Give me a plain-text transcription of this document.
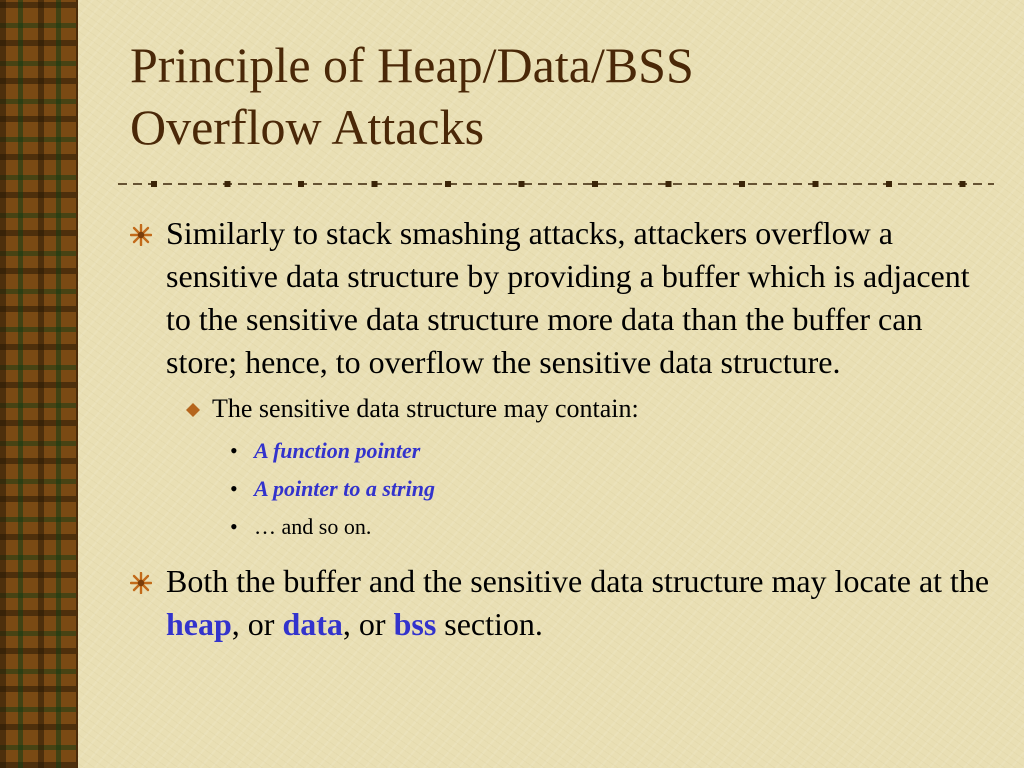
Principle of Heap/Data/BSS
Overflow Attacks
Similarly to stack smashing attacks, attackers overflow a sensitive data structure by providing a buffer which is adjacent to the sensitive data structure more data than the buffer can store; hence, to overflow the sensitive data structure.
The sensitive data structure may contain:
• A function pointer
• A pointer to a string
• … and so on.
Both the buffer and the sensitive data structure may locate at the heap, or data, or bss section.
